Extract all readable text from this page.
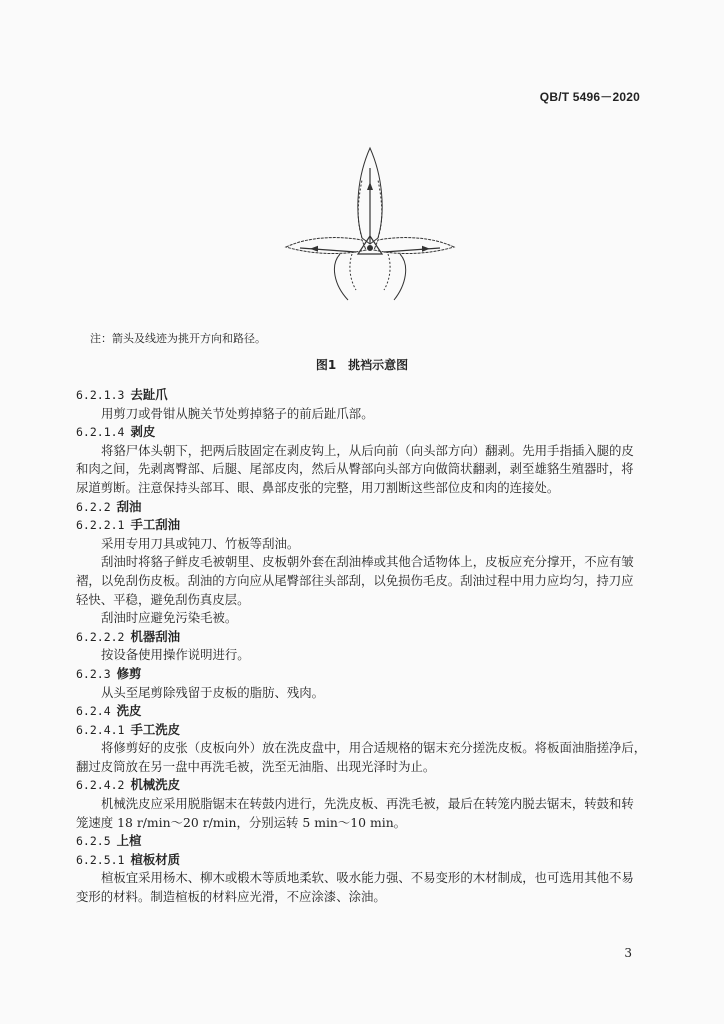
QB/T 5496－2020
注：箭头及线迹为挑开方向和路径。
图1　挑裆示意图
6.2.1.3 去趾爪
用剪刀或骨钳从腕关节处剪掉貉子的前后趾爪部。
6.2.1.4 剥皮
将貉尸体头朝下，把两后肢固定在剥皮钩上，从后向前（向头部方向）翻剥。先用手指插入腿的皮
和肉之间，先剥离臀部、后腿、尾部皮肉，然后从臀部向头部方向做筒状翻剥，剥至雄貉生殖器时，将
尿道剪断。注意保持头部耳、眼、鼻部皮张的完整，用刀割断这些部位皮和肉的连接处。
6.2.2 刮油
6.2.2.1 手工刮油
采用专用刀具或钝刀、竹板等刮油。
刮油时将貉子鲜皮毛被朝里、皮板朝外套在刮油棒或其他合适物体上，皮板应充分撑开，不应有皱
褶，以免刮伤皮板。刮油的方向应从尾臀部往头部刮，以免损伤毛皮。刮油过程中用力应均匀，持刀应
轻快、平稳，避免刮伤真皮层。
刮油时应避免污染毛被。
6.2.2.2 机器刮油
按设备使用操作说明进行。
6.2.3 修剪
从头至尾剪除残留于皮板的脂肪、残肉。
6.2.4 洗皮
6.2.4.1 手工洗皮
将修剪好的皮张（皮板向外）放在洗皮盘中，用合适规格的锯末充分搓洗皮板。将板面油脂搓净后，
翻过皮筒放在另一盘中再洗毛被，洗至无油脂、出现光泽时为止。
6.2.4.2 机械洗皮
机械洗皮应采用脱脂锯末在转鼓内进行，先洗皮板、再洗毛被，最后在转笼内脱去锯末，转鼓和转
笼速度 18 r/min～20 r/min，分别运转 5 min～10 min。
6.2.5 上楦
6.2.5.1 楦板材质
楦板宜采用杨木、柳木或椴木等质地柔软、吸水能力强、不易变形的木材制成，也可选用其他不易
变形的材料。制造楦板的材料应光滑，不应涂漆、涂油。
3
